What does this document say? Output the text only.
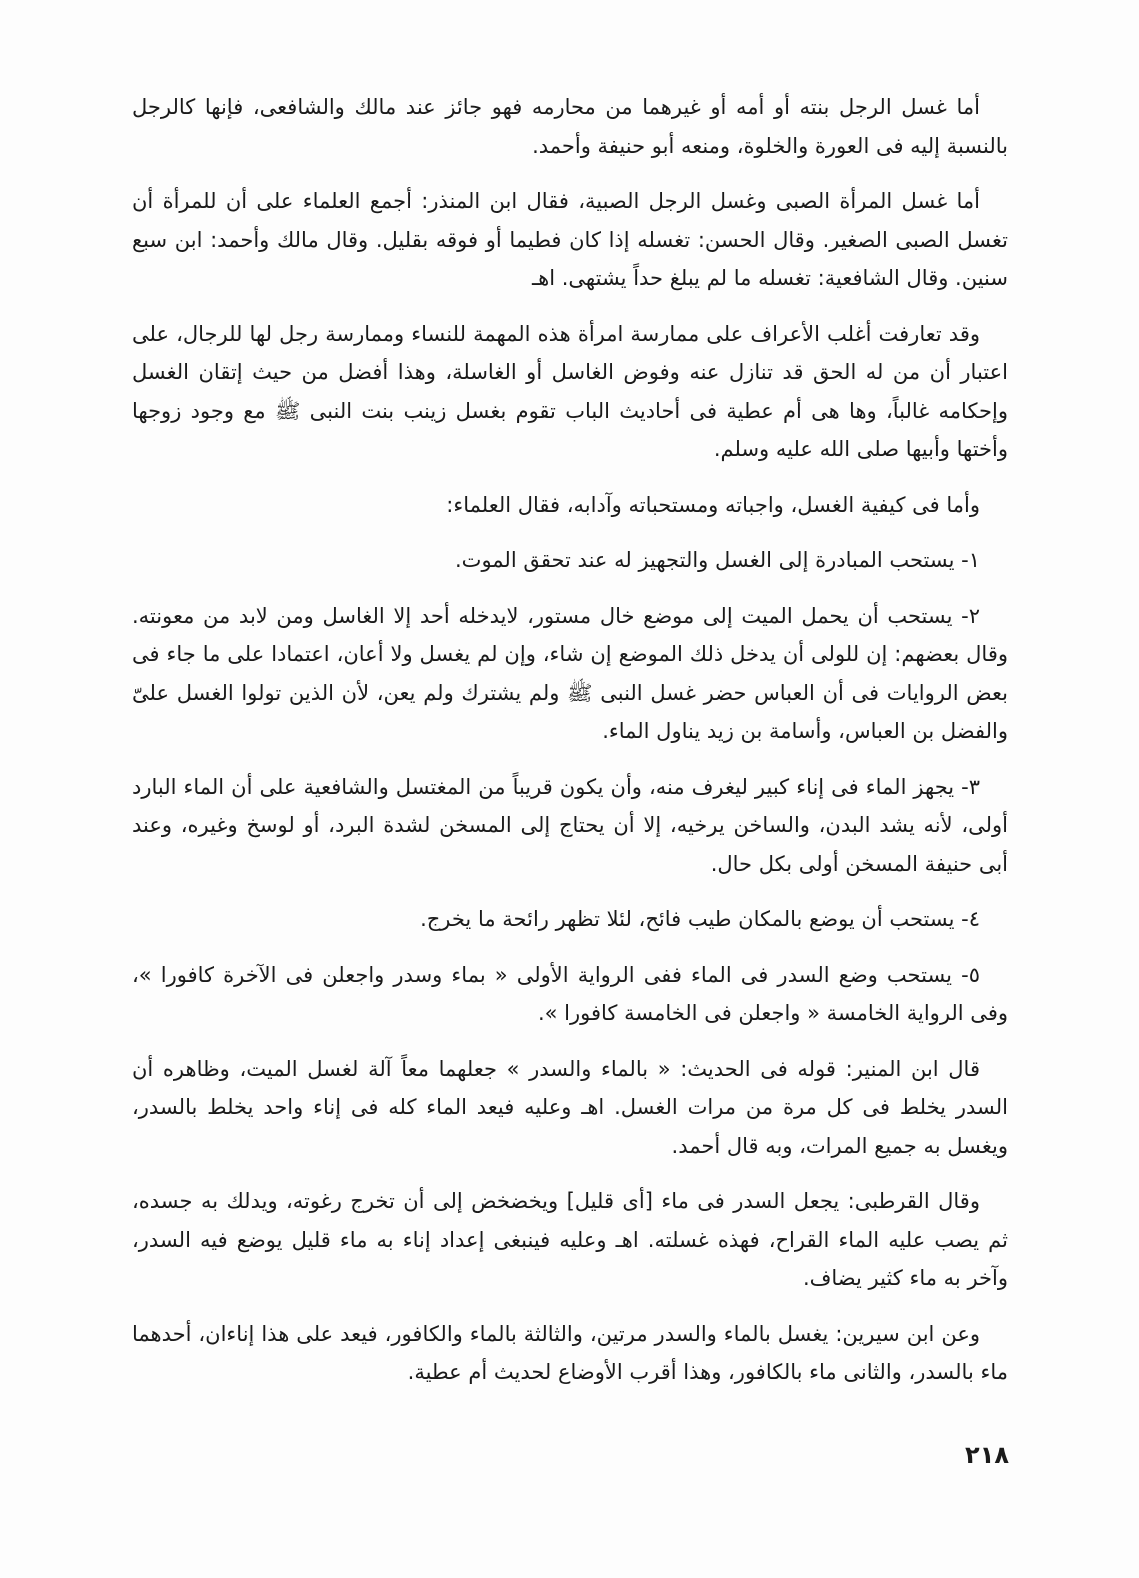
أما غسل الرجل بنته أو أمه أو غيرهما من محارمه فهو جائز عند مالك والشافعى، فإنها كالرجل بالنسبة إليه فى العورة والخلوة، ومنعه أبو حنيفة وأحمد.

أما غسل المرأة الصبى وغسل الرجل الصبية، فقال ابن المنذر: أجمع العلماء على أن للمرأة أن تغسل الصبى الصغير. وقال الحسن: تغسله إذا كان فطيما أو فوقه بقليل. وقال مالك وأحمد: ابن سبع سنين. وقال الشافعية: تغسله ما لم يبلغ حداً يشتهى. اهـ

وقد تعارفت أغلب الأعراف على ممارسة امرأة هذه المهمة للنساء وممارسة رجل لها للرجال، على اعتبار أن من له الحق قد تنازل عنه وفوض الغاسل أو الغاسلة، وهذا أفضل من حيث إتقان الغسل وإحكامه غالباً، وها هى أم عطية فى أحاديث الباب تقوم بغسل زينب بنت النبى ﷺ مع وجود زوجها وأختها وأبيها صلى الله عليه وسلم.

وأما فى كيفية الغسل، واجباته ومستحباته وآدابه، فقال العلماء:

١- يستحب المبادرة إلى الغسل والتجهيز له عند تحقق الموت.

٢- يستحب أن يحمل الميت إلى موضع خال مستور، لايدخله أحد إلا الغاسل ومن لابد من معونته. وقال بعضهم: إن للولى أن يدخل ذلك الموضع إن شاء، وإن لم يغسل ولا أعان، اعتمادا على ما جاء فى بعض الروايات فى أن العباس حضر غسل النبى ﷺ ولم يشترك ولم يعن، لأن الذين تولوا الغسل علىّ والفضل بن العباس، وأسامة بن زيد يناول الماء.

٣- يجهز الماء فى إناء كبير ليغرف منه، وأن يكون قريباً من المغتسل والشافعية على أن الماء البارد أولى، لأنه يشد البدن، والساخن يرخيه، إلا أن يحتاج إلى المسخن لشدة البرد، أو لوسخ وغيره، وعند أبى حنيفة المسخن أولى بكل حال.

٤- يستحب أن يوضع بالمكان طيب فائح، لئلا تظهر رائحة ما يخرج.

٥- يستحب وضع السدر فى الماء ففى الرواية الأولى « بماء وسدر واجعلن فى الآخرة كافورا »، وفى الرواية الخامسة « واجعلن فى الخامسة كافورا ».

قال ابن المنير: قوله فى الحديث: « بالماء والسدر » جعلهما معاً آلة لغسل الميت، وظاهره أن السدر يخلط فى كل مرة من مرات الغسل. اهـ وعليه فيعد الماء كله فى إناء واحد يخلط بالسدر، ويغسل به جميع المرات، وبه قال أحمد.

وقال القرطبى: يجعل السدر فى ماء [أى قليل] ويخضخض إلى أن تخرج رغوته، ويدلك به جسده، ثم يصب عليه الماء القراح، فهذه غسلته. اهـ وعليه فينبغى إعداد إناء به ماء قليل يوضع فيه السدر، وآخر به ماء كثير يضاف.

وعن ابن سيرين: يغسل بالماء والسدر مرتين، والثالثة بالماء والكافور، فيعد على هذا إناءان، أحدهما ماء بالسدر، والثانى ماء بالكافور، وهذا أقرب الأوضاع لحديث أم عطية.

٢١٨
